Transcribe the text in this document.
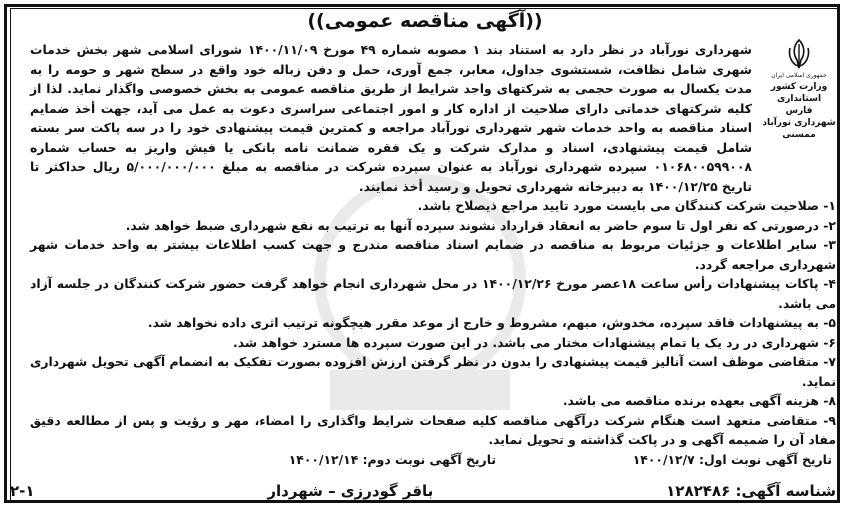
((آگهی مناقصه عمومی))
جمهوری اسلامی ایران
وزارت کشور
استانداری فارس
شهرداری نورآباد ممسنی
شهرداری نورآباد در نظر دارد به استناد بند ۱ مصوبه شماره ۴۹ مورخ ۱۴۰۰/۱۱/۰۹ شورای اسلامی شهر بخش خدمات شهری شامل نظافت، شستشوی جداول، معابر، جمع آوری، حمل و دفن زباله خود واقع در سطح شهر و حومه را به مدت یکسال به صورت حجمی به شرکتهای واجد شرایط از طریق مناقصه عمومی به بخش خصوصی واگذار نماید. لذا از کلیه شرکتهای خدماتی دارای صلاحیت از اداره کار و امور اجتماعی سراسری دعوت به عمل می آید، جهت أخذ ضمایم اسناد مناقصه به واحد خدمات شهر شهرداری نورآباد مراجعه و کمترین قیمت پیشنهادی خود را در سه پاکت سر بسته شامل قیمت پیشنهادی، اسناد و مدارک شرکت و یک فقره ضمانت نامه بانکی یا فیش واریز به حساب شماره ۰۱۰۶۸۰۰۵۹۹۰۰۸ سپرده شهرداری نورآباد به عنوان سپرده شرکت در مناقصه به مبلغ ۵/۰۰۰/۰۰۰/۰۰۰ ریال حداکثر تا تاریخ ۱۴۰۰/۱۲/۲۵ به دبیرخانه شهرداری تحویل و رسید أخذ نمایند.
۱- صلاحیت شرکت کنندگان می بایست مورد تایید مراجع ذیصلاح باشد.
۲- درصورتی که نفر اول تا سوم حاضر به انعقاد قرارداد نشوند سپرده آنها به ترتیب به نفع شهرداری ضبط خواهد شد.
۳- سایر اطلاعات و جزئیات مربوط به مناقصه در ضمایم اسناد مناقصه مندرج و جهت کسب اطلاعات بیشتر به واحد خدمات شهر شهرداری مراجعه گردد.
۴- پاکات پیشنهادات رأس ساعت ۱۸عصر مورخ ۱۴۰۰/۱۲/۲۶ در محل شهرداری انجام خواهد گرفت حضور شرکت کنندگان در جلسه آزاد می باشد.
۵- به پیشنهادات فاقد سپرده، مخدوش، مبهم، مشروط و خارج از موعد مقرر هیچگونه ترتیب اثری داده نخواهد شد.
۶- شهرداری در رد یک یا تمام پیشنهادات مختار می باشد. در این صورت سپرده ها مسترد خواهد شد.
۷- متقاضی موظف است آنالیز قیمت پیشنهادی را بدون در نظر گرفتن ارزش افزوده بصورت تفکیک به انضمام آگهی تحویل شهرداری نماید.
۸- هزینه آگهی بعهده برنده مناقصه می باشد.
۹- متقاضی متعهد است هنگام شرکت درآگهی مناقصه کلیه صفحات شرایط واگذاری را امضاء، مهر و رؤیت و پس از مطالعه دقیق مفاد آن را ضمیمه آگهی و در پاکت گذاشته و تحویل نماید.
تاریخ آگهی نوبت اول: ۱۴۰۰/۱۲/۷
تاریخ آگهی نوبت دوم: ۱۴۰۰/۱۲/۱۴
شناسه آگهی: ۱۲۸۲۴۸۶
باقر گودرزی – شهردار
۲-۱
